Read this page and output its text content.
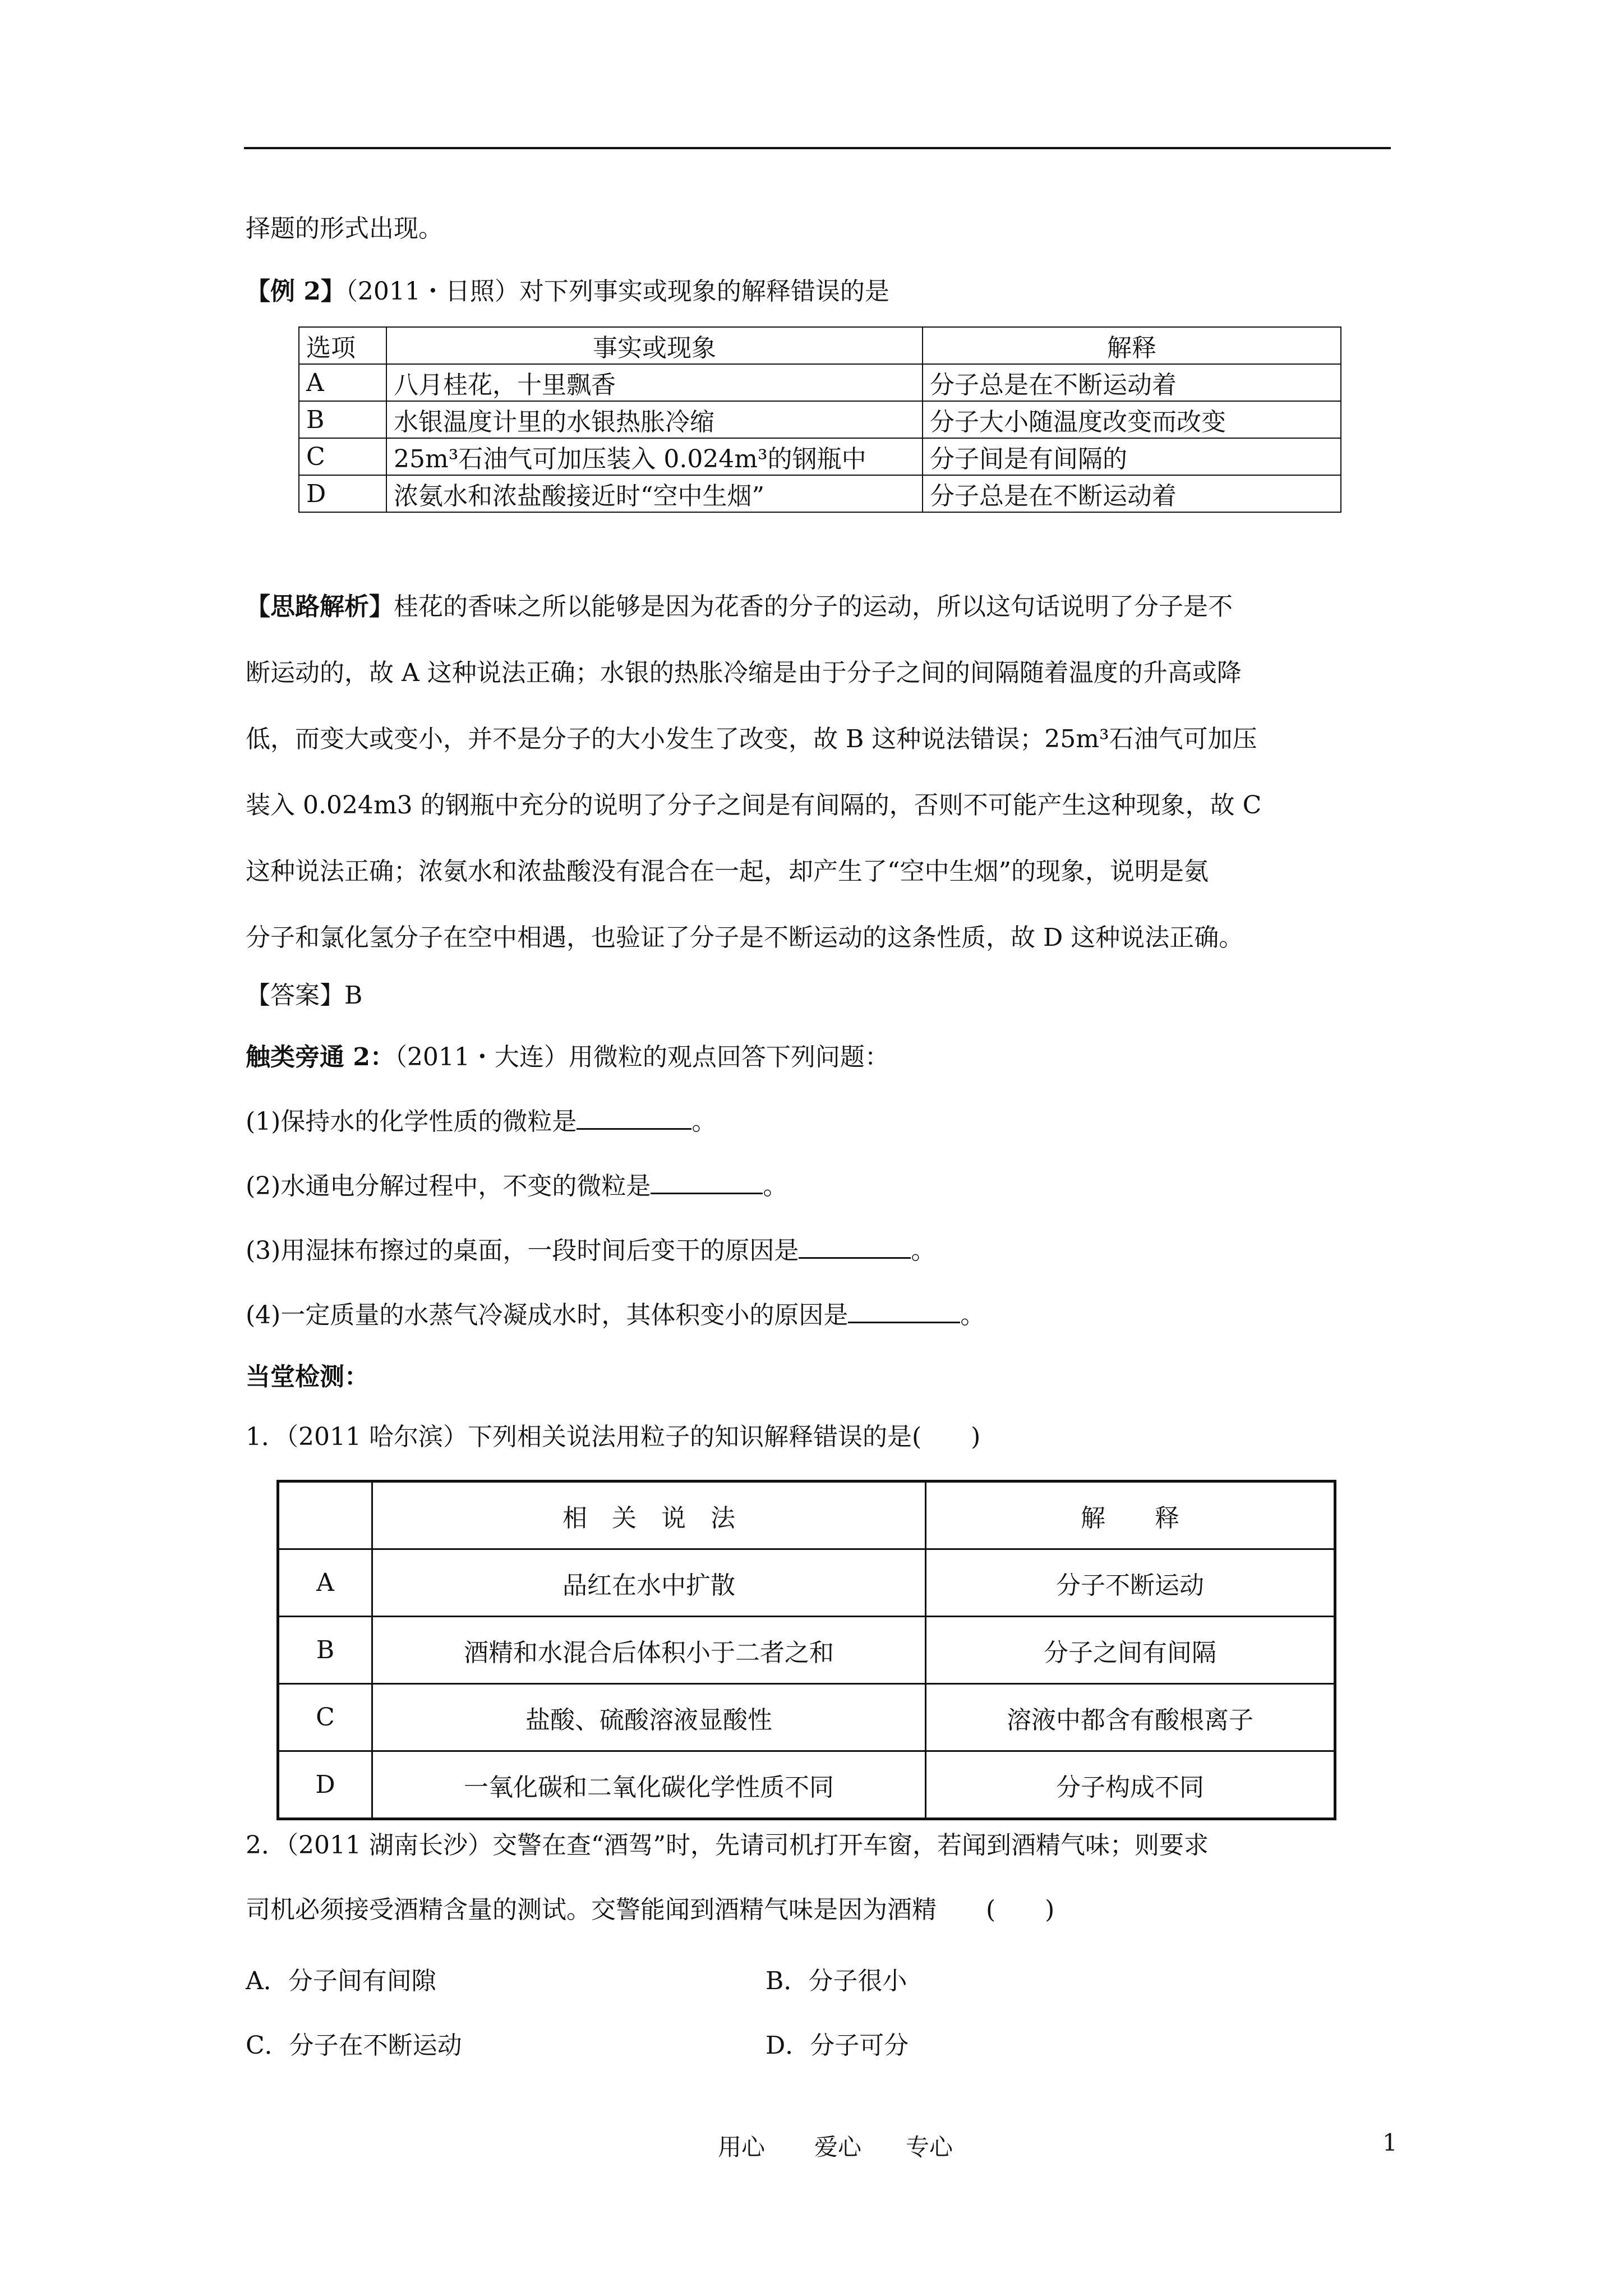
择题的形式出现。
【例 2】（2011・日照）对下列事实或现象的解释错误的是
选项	事实或现象	解释
A	八月桂花，十里飘香	分子总是在不断运动着
B	水银温度计里的水银热胀冷缩	分子大小随温度改变而改变
C	25m³石油气可加压装入 0.024m³的钢瓶中	分子间是有间隔的
D	浓氨水和浓盐酸接近时“空中生烟”	分子总是在不断运动着
【思路解析】桂花的香味之所以能够是因为花香的分子的运动，所以这句话说明了分子是不
断运动的，故 A 这种说法正确；水银的热胀冷缩是由于分子之间的间隔随着温度的升高或降
低，而变大或变小，并不是分子的大小发生了改变，故 B 这种说法错误；25m³石油气可加压
装入 0.024m3 的钢瓶中充分的说明了分子之间是有间隔的，否则不可能产生这种现象，故 C
这种说法正确；浓氨水和浓盐酸没有混合在一起，却产生了“空中生烟”的现象，说明是氨
分子和氯化氢分子在空中相遇，也验证了分子是不断运动的这条性质，故 D 这种说法正确。
【答案】B
触类旁通 2：（2011・大连）用微粒的观点回答下列问题：
(1)保持水的化学性质的微粒是	。
(2)水通电分解过程中，不变的微粒是	。
(3)用湿抹布擦过的桌面，一段时间后变干的原因是	。
(4)一定质量的水蒸气冷凝成水时，其体积变小的原因是	。
当堂检测：
1．（2011 哈尔滨）下列相关说法用粒子的知识解释错误的是(　　)
	相　关　说　法	解　　释
A	品红在水中扩散	分子不断运动
B	酒精和水混合后体积小于二者之和	分子之间有间隔
C	盐酸、硫酸溶液显酸性	溶液中都含有酸根离子
D	一氧化碳和二氧化碳化学性质不同	分子构成不同
2．（2011 湖南长沙）交警在查“酒驾”时，先请司机打开车窗，若闻到酒精气味；则要求
司机必须接受酒精含量的测试。交警能闻到酒精气味是因为酒精　　(　　)
A．分子间有间隙	B．分子很小
C．分子在不断运动	D．分子可分
用心 爱心 专心	1
